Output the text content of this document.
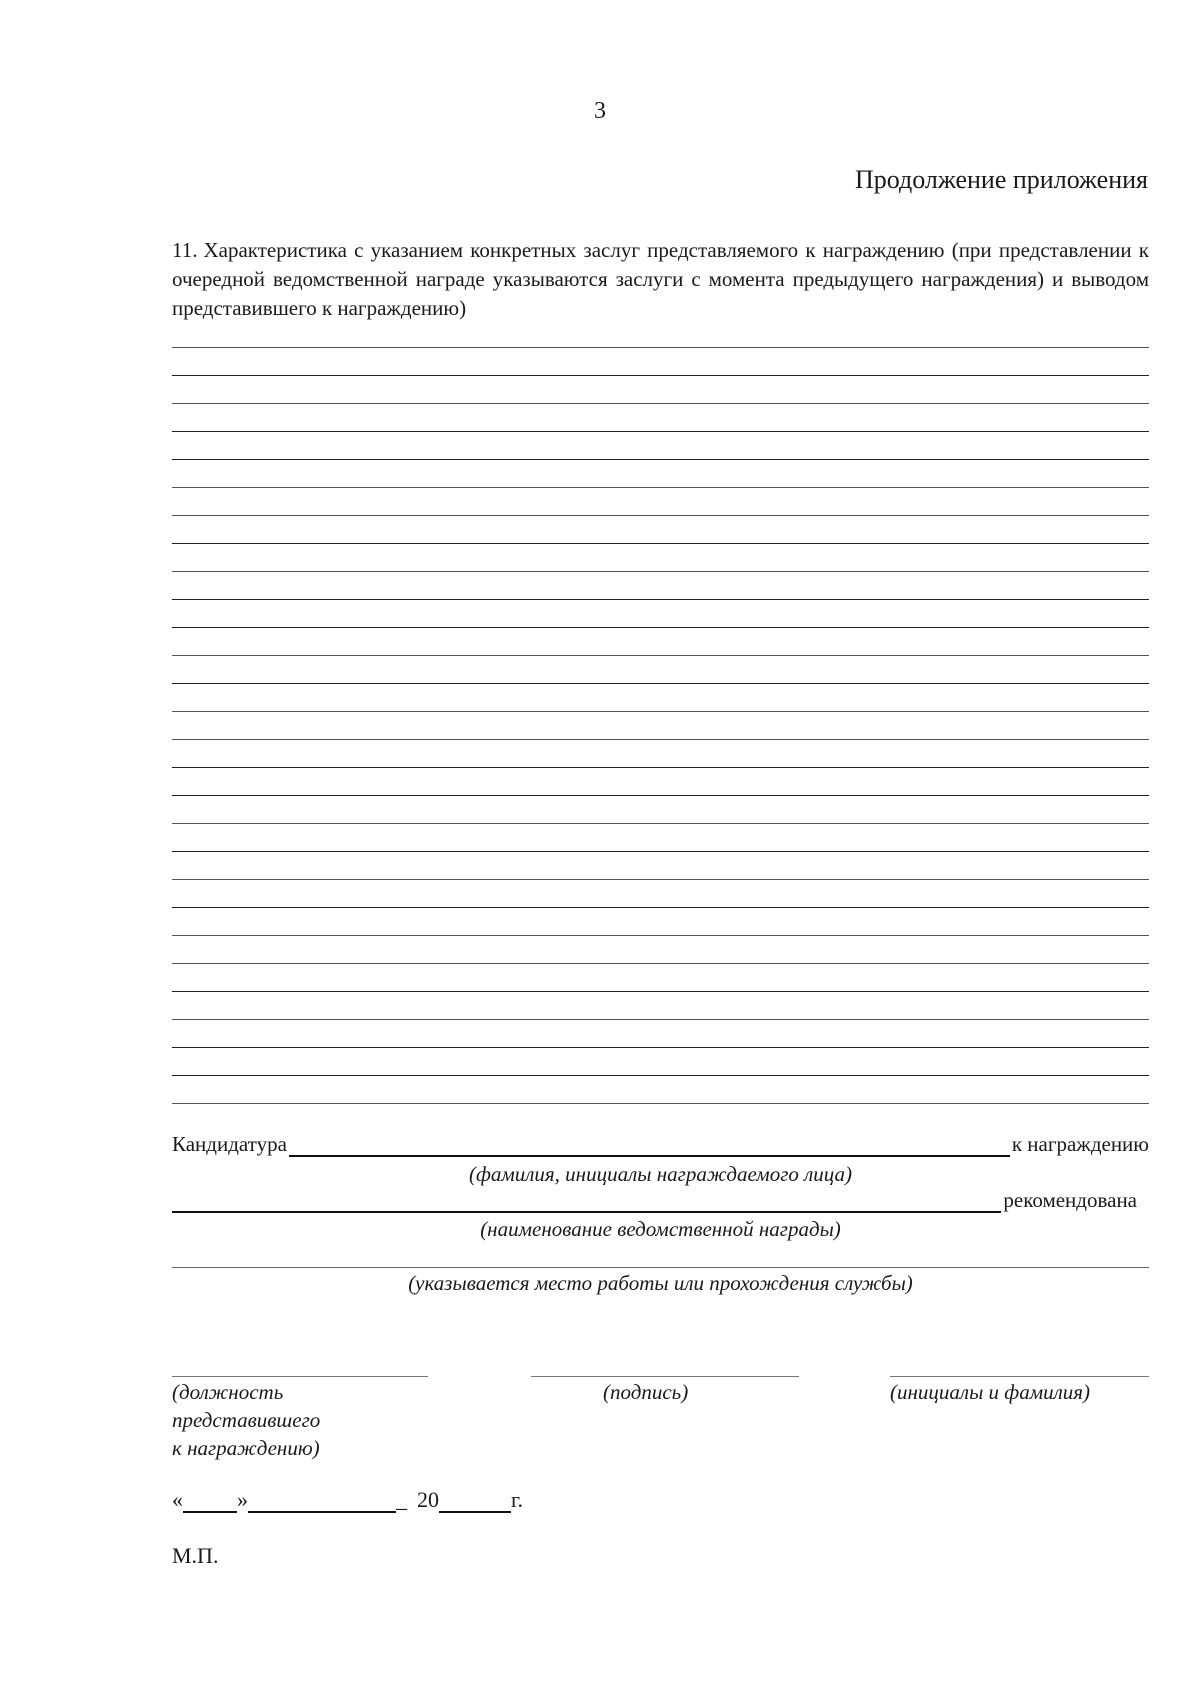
3
Продолжение приложения
11. Характеристика с указанием конкретных заслуг представляемого к награждению (при представлении к очередной ведомственной награде указываются заслуги с момента предыдущего награждения) и выводом представившего к награждению)
Кандидатура	к награждению
(фамилия, инициалы награждаемого лица)
рекомендована
(наименование ведомственной награды)
(указывается место работы или прохождения службы)
(должность
представившего
к награждению)
(подпись)	(инициалы и фамилия)
« »	_ 20	г.
М.П.
